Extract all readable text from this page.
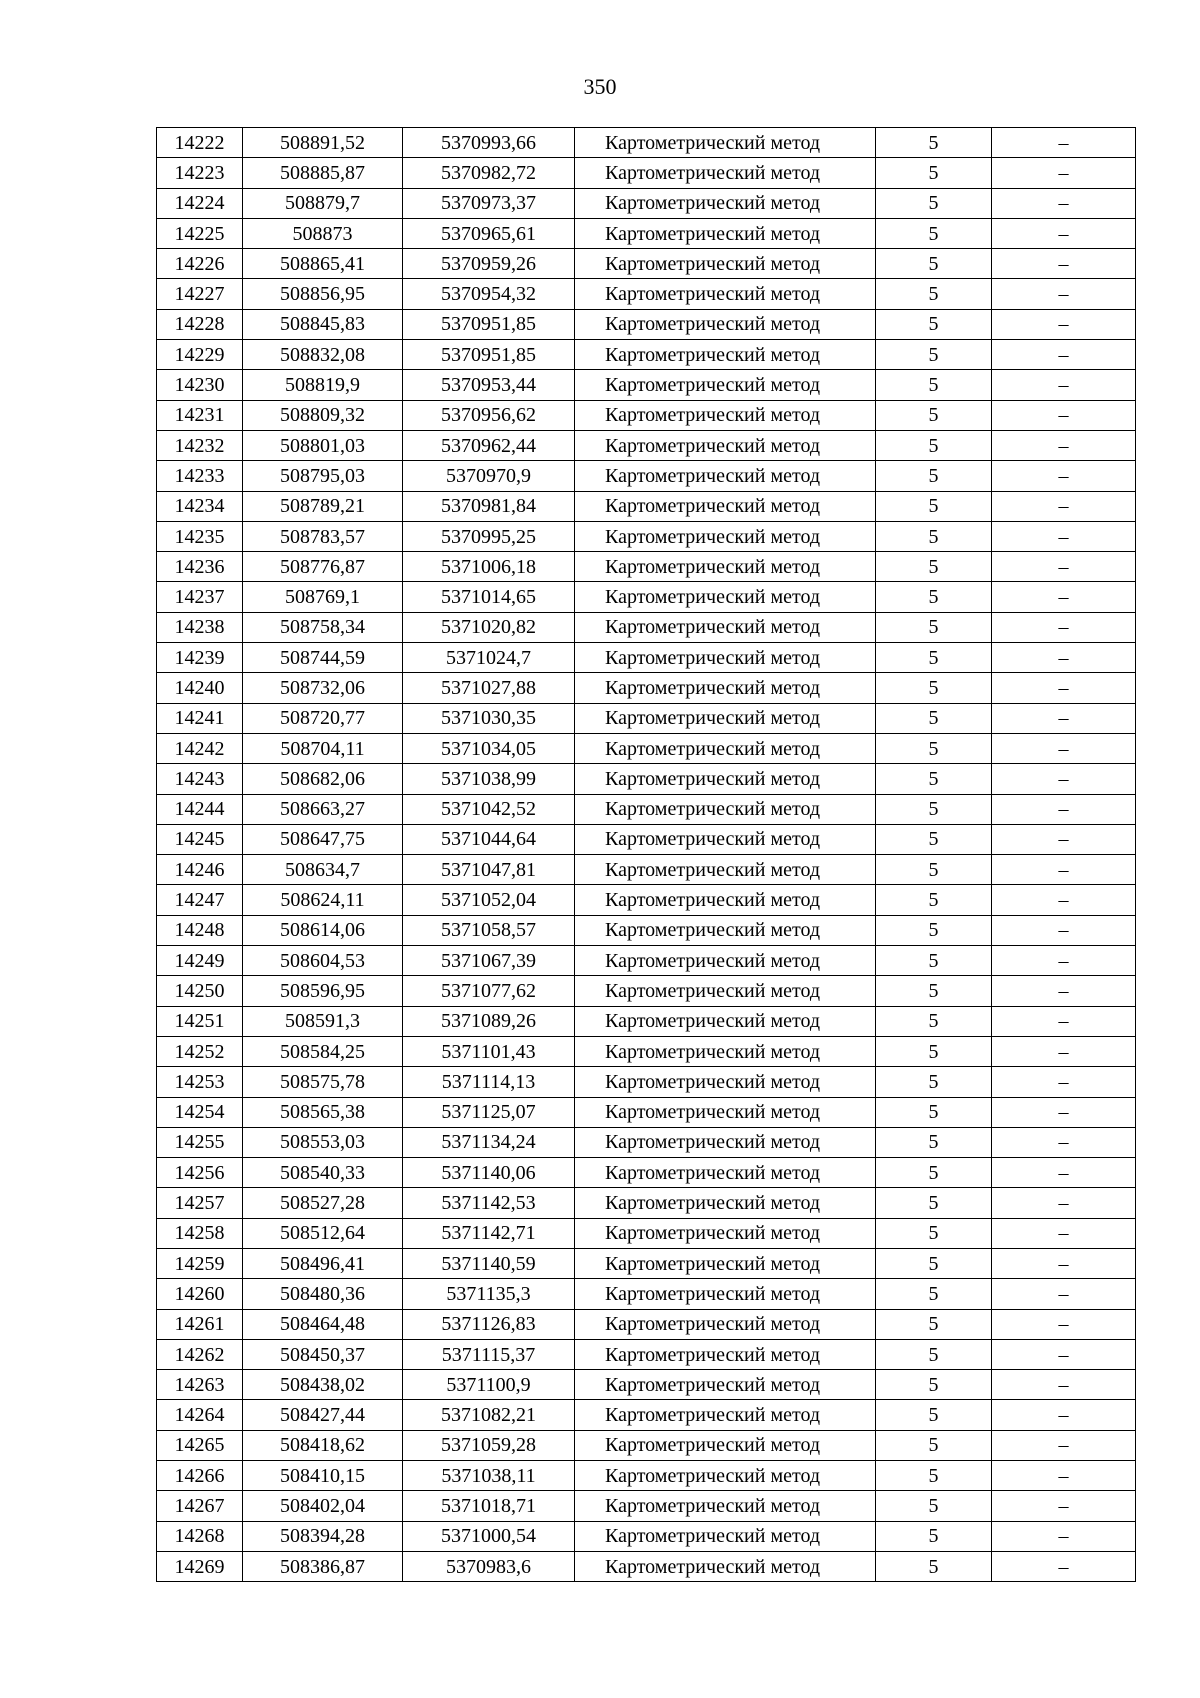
350
14222	508891,52	5370993,66	Картометрический метод	5	–
14223	508885,87	5370982,72	Картометрический метод	5	–
14224	508879,7	5370973,37	Картометрический метод	5	–
14225	508873	5370965,61	Картометрический метод	5	–
14226	508865,41	5370959,26	Картометрический метод	5	–
14227	508856,95	5370954,32	Картометрический метод	5	–
14228	508845,83	5370951,85	Картометрический метод	5	–
14229	508832,08	5370951,85	Картометрический метод	5	–
14230	508819,9	5370953,44	Картометрический метод	5	–
14231	508809,32	5370956,62	Картометрический метод	5	–
14232	508801,03	5370962,44	Картометрический метод	5	–
14233	508795,03	5370970,9	Картометрический метод	5	–
14234	508789,21	5370981,84	Картометрический метод	5	–
14235	508783,57	5370995,25	Картометрический метод	5	–
14236	508776,87	5371006,18	Картометрический метод	5	–
14237	508769,1	5371014,65	Картометрический метод	5	–
14238	508758,34	5371020,82	Картометрический метод	5	–
14239	508744,59	5371024,7	Картометрический метод	5	–
14240	508732,06	5371027,88	Картометрический метод	5	–
14241	508720,77	5371030,35	Картометрический метод	5	–
14242	508704,11	5371034,05	Картометрический метод	5	–
14243	508682,06	5371038,99	Картометрический метод	5	–
14244	508663,27	5371042,52	Картометрический метод	5	–
14245	508647,75	5371044,64	Картометрический метод	5	–
14246	508634,7	5371047,81	Картометрический метод	5	–
14247	508624,11	5371052,04	Картометрический метод	5	–
14248	508614,06	5371058,57	Картометрический метод	5	–
14249	508604,53	5371067,39	Картометрический метод	5	–
14250	508596,95	5371077,62	Картометрический метод	5	–
14251	508591,3	5371089,26	Картометрический метод	5	–
14252	508584,25	5371101,43	Картометрический метод	5	–
14253	508575,78	5371114,13	Картометрический метод	5	–
14254	508565,38	5371125,07	Картометрический метод	5	–
14255	508553,03	5371134,24	Картометрический метод	5	–
14256	508540,33	5371140,06	Картометрический метод	5	–
14257	508527,28	5371142,53	Картометрический метод	5	–
14258	508512,64	5371142,71	Картометрический метод	5	–
14259	508496,41	5371140,59	Картометрический метод	5	–
14260	508480,36	5371135,3	Картометрический метод	5	–
14261	508464,48	5371126,83	Картометрический метод	5	–
14262	508450,37	5371115,37	Картометрический метод	5	–
14263	508438,02	5371100,9	Картометрический метод	5	–
14264	508427,44	5371082,21	Картометрический метод	5	–
14265	508418,62	5371059,28	Картометрический метод	5	–
14266	508410,15	5371038,11	Картометрический метод	5	–
14267	508402,04	5371018,71	Картометрический метод	5	–
14268	508394,28	5371000,54	Картометрический метод	5	–
14269	508386,87	5370983,6	Картометрический метод	5	–
